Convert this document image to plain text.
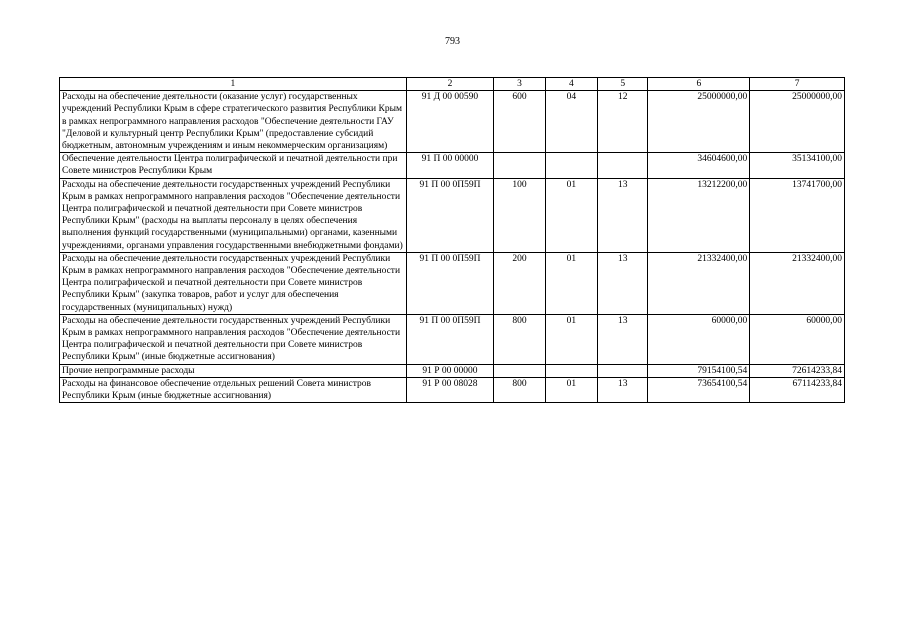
793
1	2	3	4	5	6	7
Расходы на обеспечение деятельности (оказание услуг) государственных учреждений Республики Крым в сфере стратегического развития Республики Крым в рамках непрограммного направления расходов "Обеспечение деятельности ГАУ "Деловой и культурный центр Республики Крым" (предоставление субсидий бюджетным, автономным учреждениям и иным некоммерческим организациям)	91 Д 00 00590	600	04	12	25000000,00	25000000,00
Обеспечение деятельности Центра полиграфической и печатной деятельности при Совете министров Республики Крым	91 П 00 00000				34604600,00	35134100,00
Расходы на обеспечение деятельности государственных учреждений Республики Крым в рамках непрограммного направления расходов "Обеспечение деятельности Центра полиграфической и печатной деятельности при Совете министров Республики Крым" (расходы на выплаты персоналу в целях обеспечения выполнения функций государственными (муниципальными) органами, казенными учреждениями, органами управления государственными внебюджетными фондами)	91 П 00 0П59П	100	01	13	13212200,00	13741700,00
Расходы на обеспечение деятельности государственных учреждений Республики Крым в рамках непрограммного направления расходов "Обеспечение деятельности Центра полиграфической и печатной деятельности при Совете министров Республики Крым" (закупка товаров, работ и услуг для обеспечения государственных (муниципальных) нужд)	91 П 00 0П59П	200	01	13	21332400,00	21332400,00
Расходы на обеспечение деятельности государственных учреждений Республики Крым в рамках непрограммного направления расходов "Обеспечение деятельности Центра полиграфической и печатной деятельности при Совете министров Республики Крым" (иные бюджетные ассигнования)	91 П 00 0П59П	800	01	13	60000,00	60000,00
Прочие непрограммные расходы	91 Р 00 00000				79154100,54	72614233,84
Расходы на финансовое обеспечение отдельных решений Совета министров Республики Крым (иные бюджетные ассигнования)	91 Р 00 08028	800	01	13	73654100,54	67114233,84
